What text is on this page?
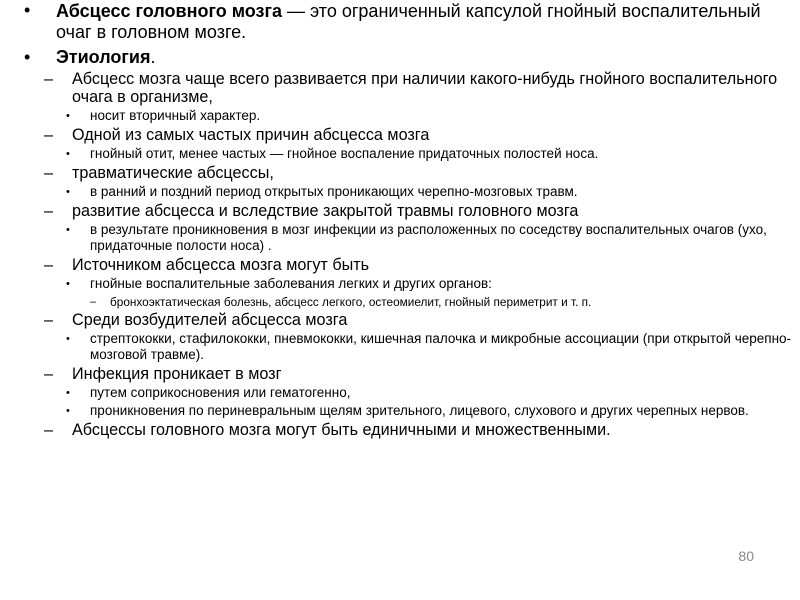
• Абсцесс головного мозга — это ограниченный капсулой гнойный воспалительный очаг в головном мозге.
• Этиология.
– Абсцесс мозга чаще всего развивается при наличии какого-нибудь гнойного воспалительного очага в организме,
• носит вторичный характер.
– Одной из самых частых причин абсцесса мозга
• гнойный отит, менее частых — гнойное воспаление придаточных полостей носа.
– травматические абсцессы,
• в ранний и поздний период открытых проникающих черепно-мозговых травм.
– развитие абсцесса и вследствие закрытой травмы головного мозга
• в результате проникновения в мозг инфекции из расположенных по соседству воспалительных очагов (ухо, придаточные полости носа) .
– Источником абсцесса мозга могут быть
• гнойные воспалительные заболевания легких и других органов:
– бронхоэктатическая болезнь, абсцесс легкого, остеомиелит, гнойный периметрит и т. п.
– Среди возбудителей абсцесса мозга
• стрептококки, стафилококки, пневмококки, кишечная палочка и микробные ассоциации (при открытой черепно-мозговой травме).
– Инфекция проникает в мозг
• путем соприкосновения или гематогенно,
• проникновения по периневральным щелям зрительного, лицевого, слухового и других черепных нервов.
– Абсцессы головного мозга могут быть единичными и множественными.
80
